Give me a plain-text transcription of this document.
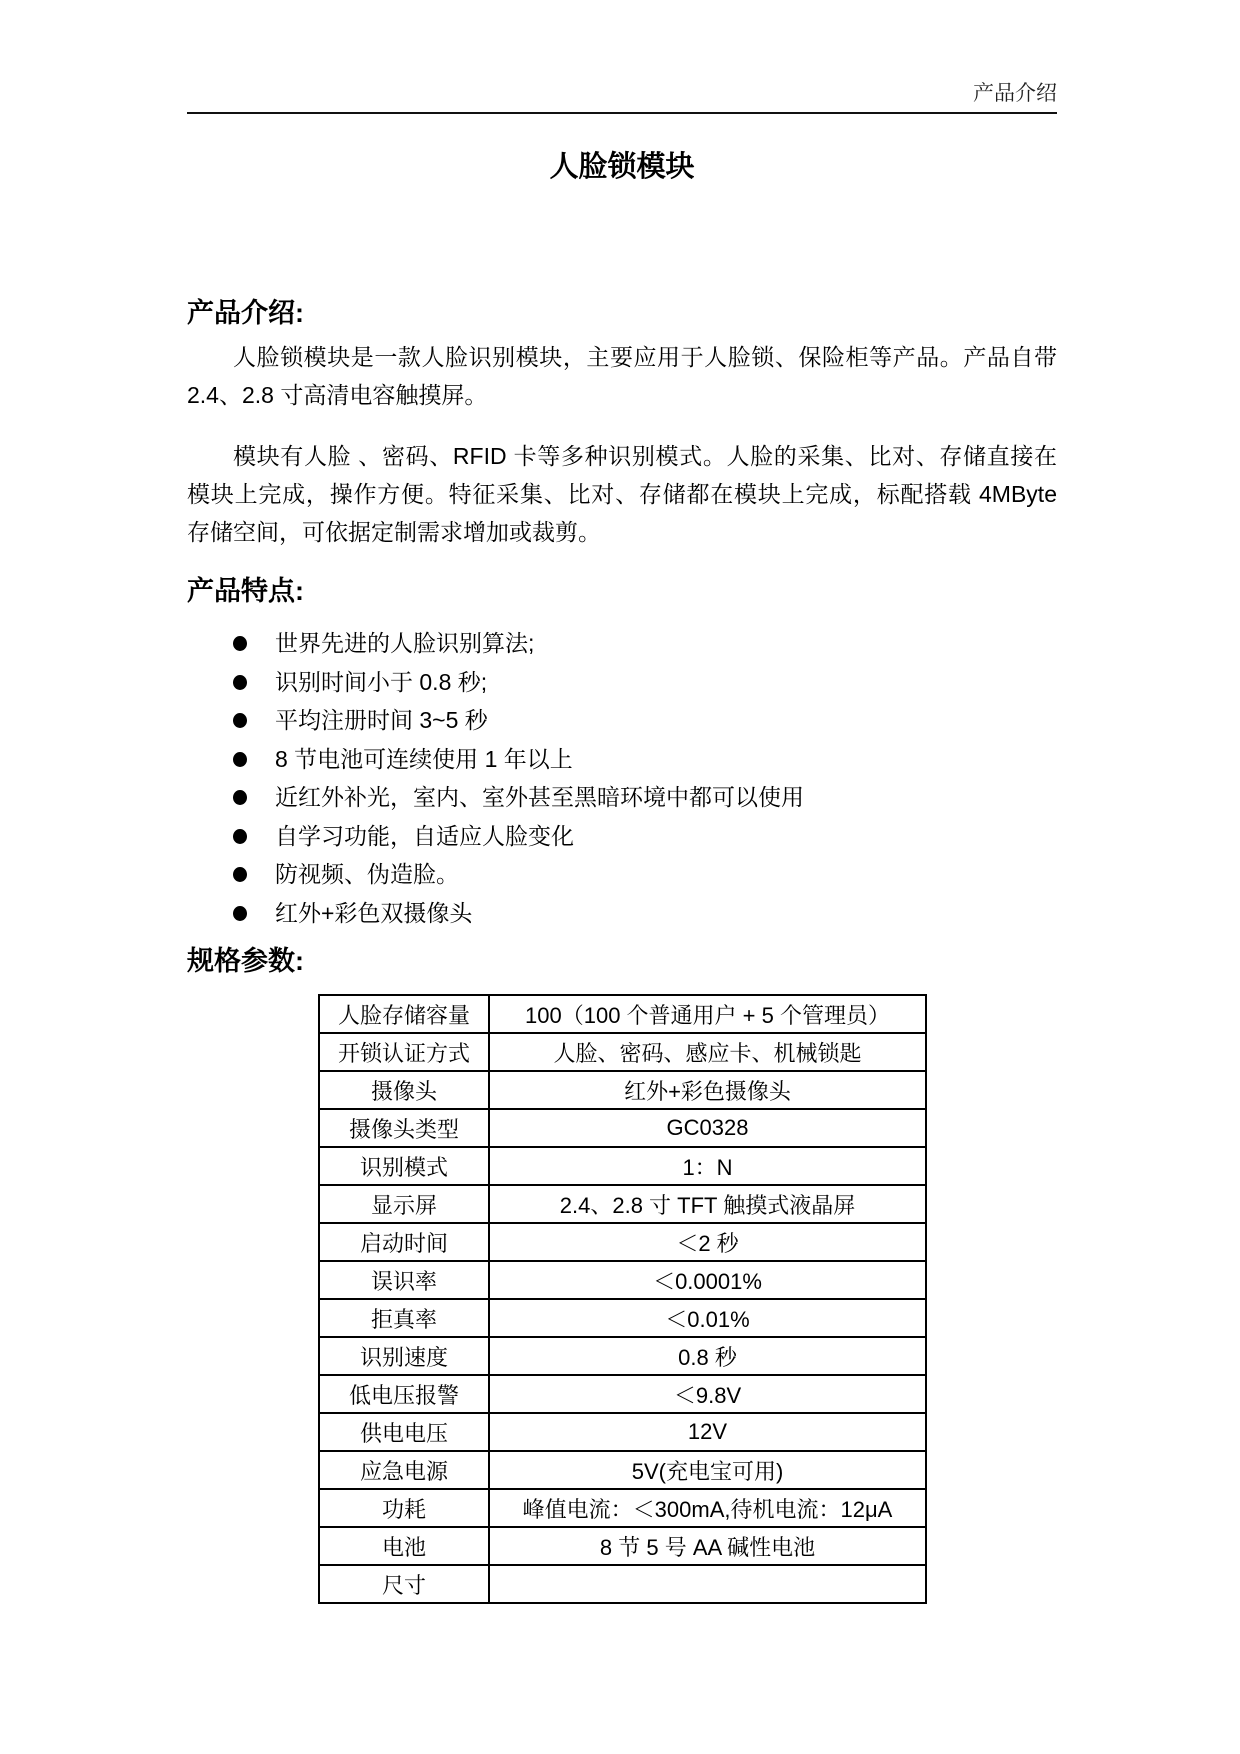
产品介绍
人脸锁模块
产品介绍:

人脸锁模块是一款人脸识别模块，主要应用于人脸锁、保险柜等产品。产品自带 2.4、2.8 寸高清电容触摸屏。

模块有人脸 、密码、RFID 卡等多种识别模式。人脸的采集、比对、存储直接在模块上完成，操作方便。特征采集、比对、存储都在模块上完成，标配搭载 4MByte 存储空间，可依据定制需求增加或裁剪。

产品特点:
世界先进的人脸识别算法;
识别时间小于 0.8 秒;
平均注册时间 3~5 秒
8 节电池可连续使用 1 年以上
近红外补光，室内、室外甚至黑暗环境中都可以使用
自学习功能，自适应人脸变化
防视频、伪造脸。
红外+彩色双摄像头
规格参数:
人脸存储容量	100（100 个普通用户 + 5 个管理员）
开锁认证方式	人脸、密码、感应卡、机械锁匙
摄像头	红外+彩色摄像头
摄像头类型	GC0328
识别模式	1：N
显示屏	2.4、2.8 寸 TFT 触摸式液晶屏
启动时间	＜2 秒
误识率	＜0.0001%
拒真率	＜0.01%
识别速度	0.8 秒
低电压报警	＜9.8V
供电电压	12V
应急电源	5V(充电宝可用)
功耗	峰值电流：＜300mA,待机电流：12μA
电池	8 节 5 号 AA 碱性电池
尺寸	
